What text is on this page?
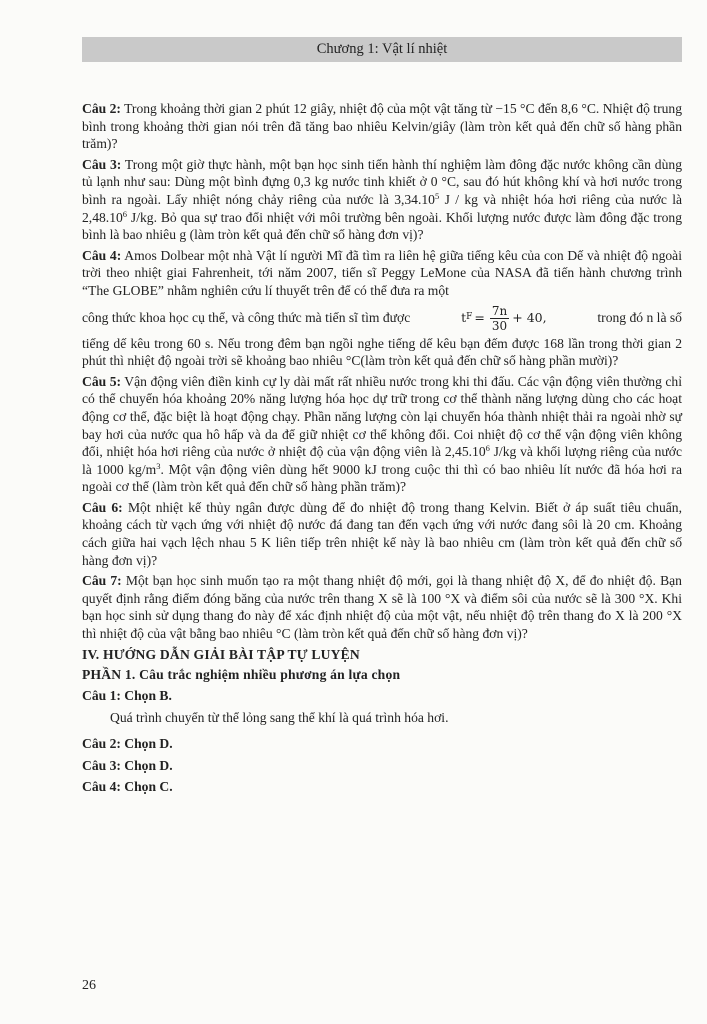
Chương 1: Vật lí nhiệt

Câu 2: Trong khoảng thời gian 2 phút 12 giây, nhiệt độ của một vật tăng từ −15 °C đến 8,6 °C. Nhiệt độ trung bình trong khoảng thời gian nói trên đã tăng bao nhiêu Kelvin/giây (làm tròn kết quả đến chữ số hàng phần trăm)?

Câu 3: Trong một giờ thực hành, một bạn học sinh tiến hành thí nghiệm làm đông đặc nước không cần dùng tủ lạnh như sau: Dùng một bình đựng 0,3 kg nước tinh khiết ở 0 °C, sau đó hút không khí và hơi nước trong bình ra ngoài. Lấy nhiệt nóng chảy riêng của nước là 3,34.10$^5$ J / kg và nhiệt hóa hơi riêng của nước là 2,48.10$^6$ J/kg. Bỏ qua sự trao đổi nhiệt với môi trường bên ngoài. Khối lượng nước được làm đông đặc trong bình là bao nhiêu g (làm tròn kết quả đến chữ số hàng đơn vị)?

Câu 4: Amos Dolbear một nhà Vật lí người Mĩ đã tìm ra liên hệ giữa tiếng kêu của con Dế và nhiệt độ ngoài trời theo nhiệt giai Fahrenheit, tới năm 2007, tiến sĩ Peggy LeMone của NASA đã tiến hành chương trình “The GLOBE” nhằm nghiên cứu lí thuyết trên để có thể đưa ra một

công thức khoa học cụ thể, và công thức mà tiến sĩ tìm được	t $F = \frac{7n}{30} + 40$,	trong đó n là số

tiếng dế kêu trong 60 s. Nếu trong đêm bạn ngồi nghe tiếng dế kêu bạn đếm được 168 lần trong thời gian 2 phút thì nhiệt độ ngoài trời sẽ khoảng bao nhiêu °C(làm tròn kết quả đến chữ số hàng phần mười)?

Câu 5: Vận động viên điền kinh cự ly dài mất rất nhiều nước trong khi thi đấu. Các vận động viên thường chỉ có thể chuyển hóa khoảng 20% năng lượng hóa học dự trữ trong cơ thể thành năng lượng dùng cho các hoạt động cơ thể, đặc biệt là hoạt động chạy. Phần năng lượng còn lại chuyển hóa thành nhiệt thải ra ngoài nhờ sự bay hơi của nước qua hô hấp và da để giữ nhiệt cơ thể không đổi. Coi nhiệt độ cơ thể vận động viên không đổi, nhiệt hóa hơi riêng của nước ở nhiệt độ của vận động viên là 2,45.10$^6$ J/kg và khối lượng riêng của nước là 1000 $kg/m^3$. Một vận động viên dùng hết 9000 kJ trong cuộc thi thì có bao nhiêu lít nước đã hóa hơi ra ngoài cơ thể (làm tròn kết quả đến chữ số hàng phần trăm)?

Câu 6: Một nhiệt kế thủy ngân được dùng để đo nhiệt độ trong thang Kelvin. Biết ở áp suất tiêu chuẩn, khoảng cách từ vạch ứng với nhiệt độ nước đá đang tan đến vạch ứng với nước đang sôi là 20 cm. Khoảng cách giữa hai vạch lệch nhau 5 K liên tiếp trên nhiệt kế này là bao nhiêu cm (làm tròn kết quả đến chữ số hàng đơn vị)?

Câu 7: Một bạn học sinh muốn tạo ra một thang nhiệt độ mới, gọi là thang nhiệt độ X, để đo nhiệt độ. Bạn quyết định rằng điểm đóng băng của nước trên thang X sẽ là 100 °X và điểm sôi của nước sẽ là 300 °X. Khi bạn học sinh sử dụng thang đo này để xác định nhiệt độ của một vật, nếu nhiệt độ trên thang đo X là 200 °X thì nhiệt độ của vật bằng bao nhiêu °C (làm tròn kết quả đến chữ số hàng đơn vị)?

IV. HƯỚNG DẪN GIẢI BÀI TẬP TỰ LUYỆN

PHẦN 1. Câu trắc nghiệm nhiều phương án lựa chọn

Câu 1: Chọn B.

Quá trình chuyển từ thể lỏng sang thể khí là quá trình hóa hơi.

Câu 2: Chọn D.

Câu 3: Chọn D.

Câu 4: Chọn C.

26
